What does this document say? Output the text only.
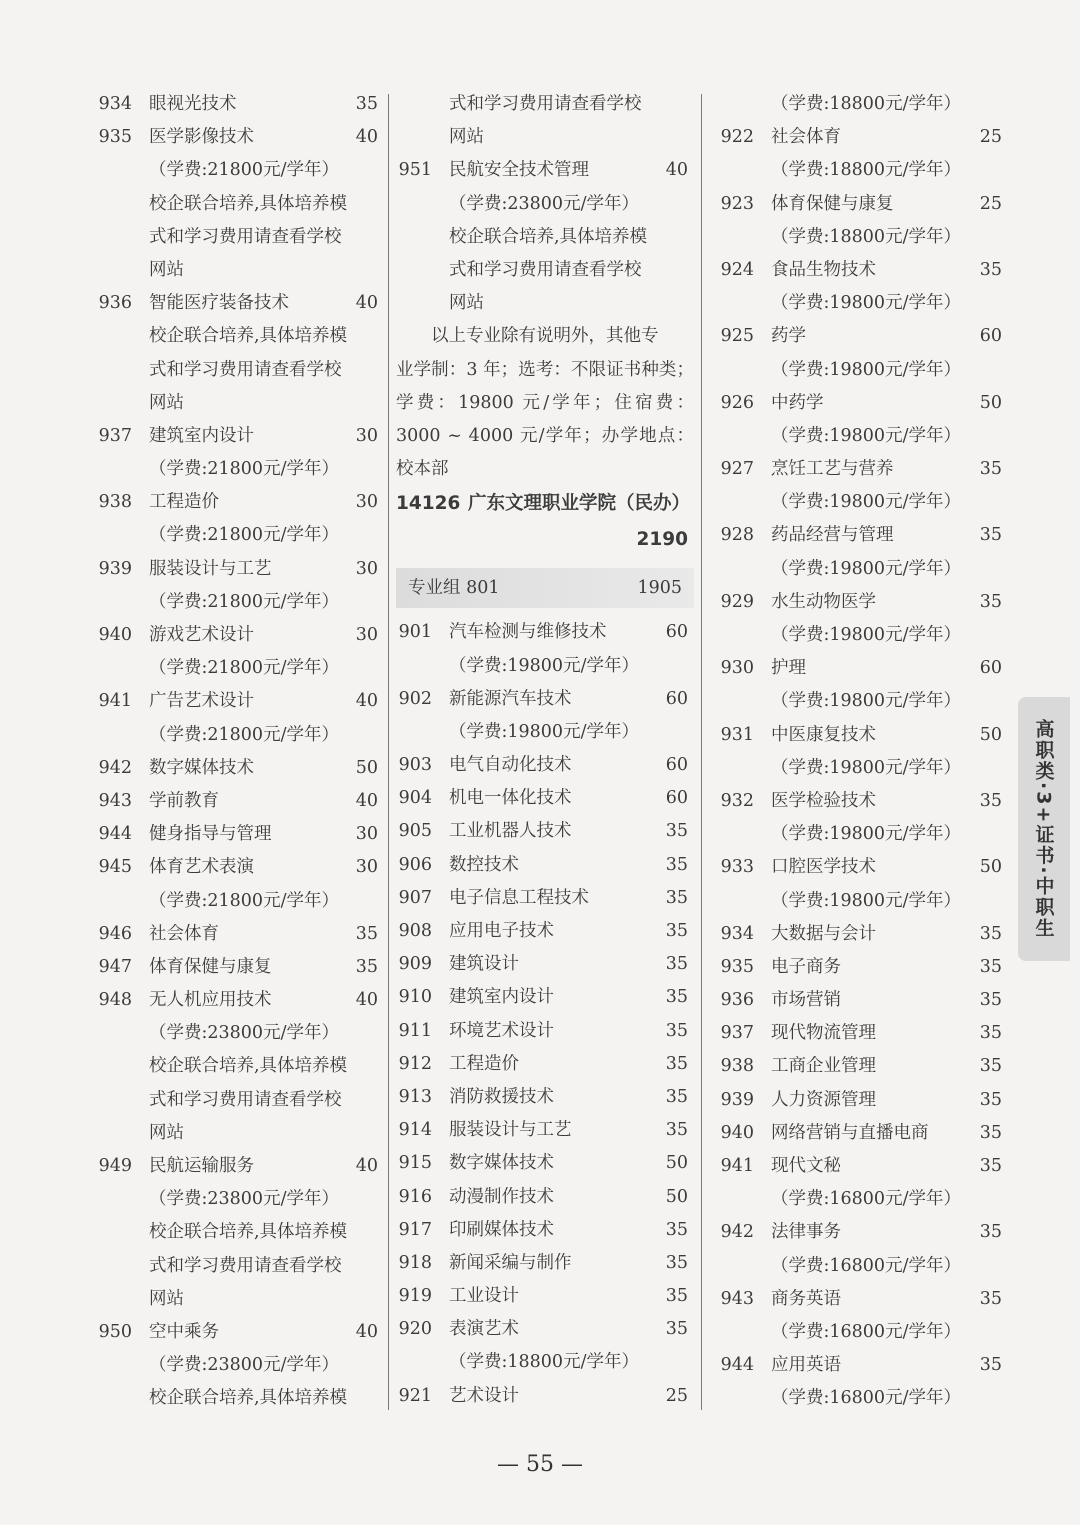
934 眼视光技术	35
935 医学影像技术	40
（学费:21800元/学年）
校企联合培养,具体培养模
式和学习费用请查看学校
网站
936 智能医疗装备技术	40
校企联合培养,具体培养模
式和学习费用请查看学校
网站
937 建筑室内设计	30
（学费:21800元/学年）
938 工程造价	30
（学费:21800元/学年）
939 服装设计与工艺	30
（学费:21800元/学年）
940 游戏艺术设计	30
（学费:21800元/学年）
941 广告艺术设计	40
（学费:21800元/学年）
942 数字媒体技术	50
943 学前教育	40
944 健身指导与管理	30
945 体育艺术表演	30
（学费:21800元/学年）
946 社会体育	35
947 体育保健与康复	35
948 无人机应用技术	40
（学费:23800元/学年）
校企联合培养,具体培养模
式和学习费用请查看学校
网站
949 民航运输服务	40
（学费:23800元/学年）
校企联合培养,具体培养模
式和学习费用请查看学校
网站
950 空中乘务	40
（学费:23800元/学年）
校企联合培养,具体培养模
式和学习费用请查看学校
网站
951 民航安全技术管理	40
（学费:23800元/学年）
校企联合培养,具体培养模
式和学习费用请查看学校
网站
以上专业除有说明外，其他专
业学制：3 年；选考：不限证书种类；学费：19800 元/学年；住宿费：3000 ~ 4000 元/学年；办学地点：校本部
14126 广东文理职业学院（民办）
2190
专业组 801	1905
901 汽车检测与维修技术	60
（学费:19800元/学年）
902 新能源汽车技术	60
（学费:19800元/学年）
903 电气自动化技术	60
904 机电一体化技术	60
905 工业机器人技术	35
906 数控技术	35
907 电子信息工程技术	35
908 应用电子技术	35
909 建筑设计	35
910 建筑室内设计	35
911 环境艺术设计	35
912 工程造价	35
913 消防救援技术	35
914 服装设计与工艺	35
915 数字媒体技术	50
916 动漫制作技术	50
917 印刷媒体技术	35
918 新闻采编与制作	35
919 工业设计	35
920 表演艺术	35
（学费:18800元/学年）
921 艺术设计	25
（学费:18800元/学年）
922 社会体育	25
（学费:18800元/学年）
923 体育保健与康复	25
（学费:18800元/学年）
924 食品生物技术	35
（学费:19800元/学年）
925 药学	60
（学费:19800元/学年）
926 中药学	50
（学费:19800元/学年）
927 烹饪工艺与营养	35
（学费:19800元/学年）
928 药品经营与管理	35
（学费:19800元/学年）
929 水生动物医学	35
（学费:19800元/学年）
930 护理	60
（学费:19800元/学年）
931 中医康复技术	50
（学费:19800元/学年）
932 医学检验技术	35
（学费:19800元/学年）
933 口腔医学技术	50
（学费:19800元/学年）
934 大数据与会计	35
935 电子商务	35
936 市场营销	35
937 现代物流管理	35
938 工商企业管理	35
939 人力资源管理	35
940 网络营销与直播电商	35
941 现代文秘	35
（学费:16800元/学年）
942 法律事务	35
（学费:16800元/学年）
943 商务英语	35
（学费:16800元/学年）
944 应用英语	35
（学费:16800元/学年）
高职类·3+证书·中职生
— 55 —
